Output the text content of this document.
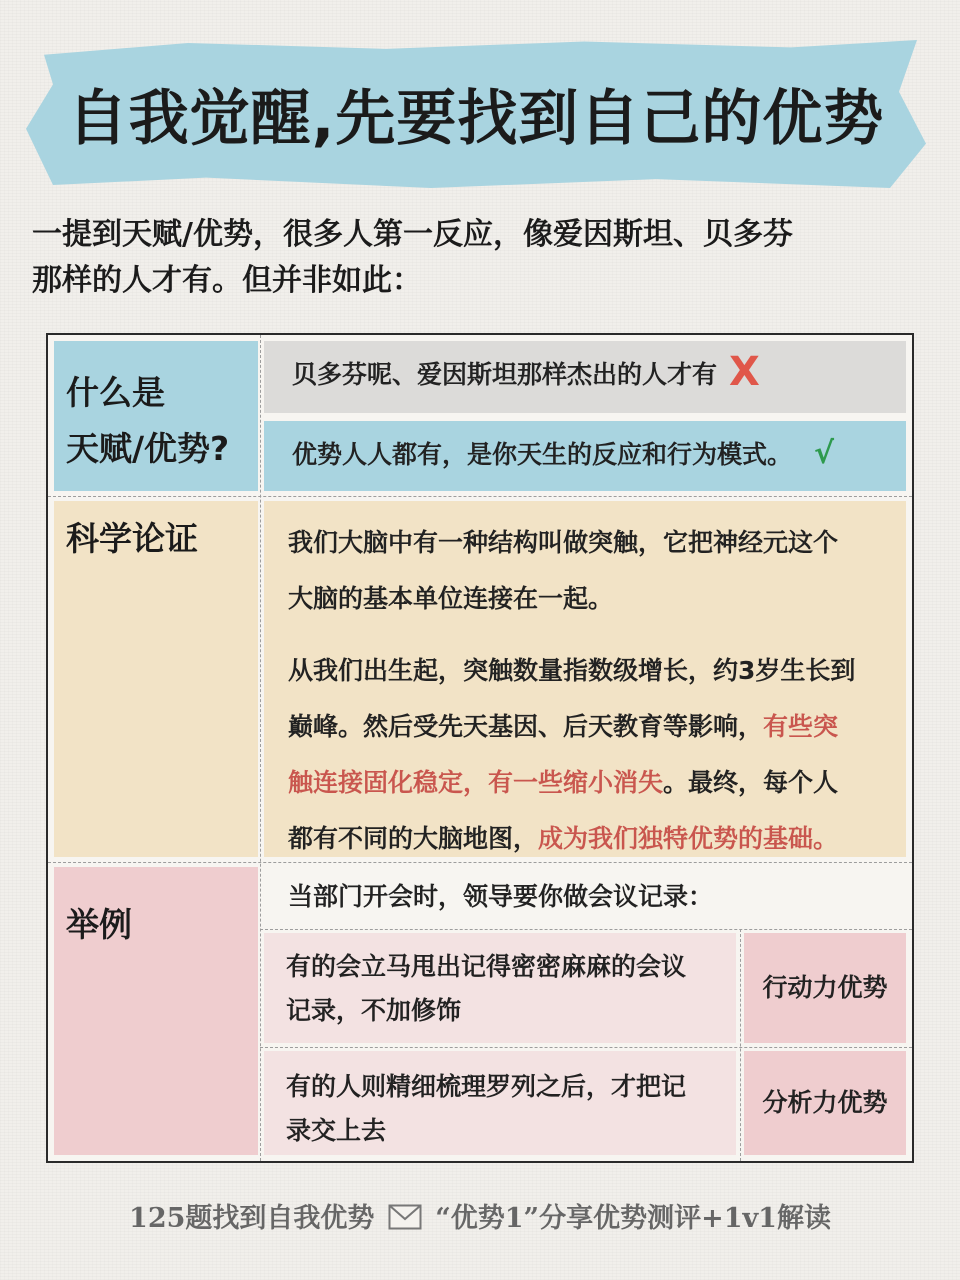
自我觉醒,先要找到自己的优势
一提到天赋/优势，很多人第一反应，像爱因斯坦、贝多芬
那样的人才有。但并非如此：
什么是
天赋/优势?
贝多芬呢、爱因斯坦那样杰出的人才有 X
优势人人都有，是你天生的反应和行为模式。 √
科学论证	我们大脑中有一种结构叫做突触，它把神经元这个
大脑的基本单位连接在一起。
从我们出生起，突触数量指数级增长，约3岁生长到
巅峰。然后受先天基因、后天教育等影响，有些突
触连接固化稳定，有一些缩小消失。最终，每个人
都有不同的大脑地图，成为我们独特优势的基础。
举例
当部门开会时，领导要你做会议记录：
有的会立马甩出记得密密麻麻的会议
记录，不加修饰
行动力优势
有的人则精细梳理罗列之后，才把记
录交上去
分析力优势
125题找到自我优势 “优势1”分享优势测评+1v1解读
